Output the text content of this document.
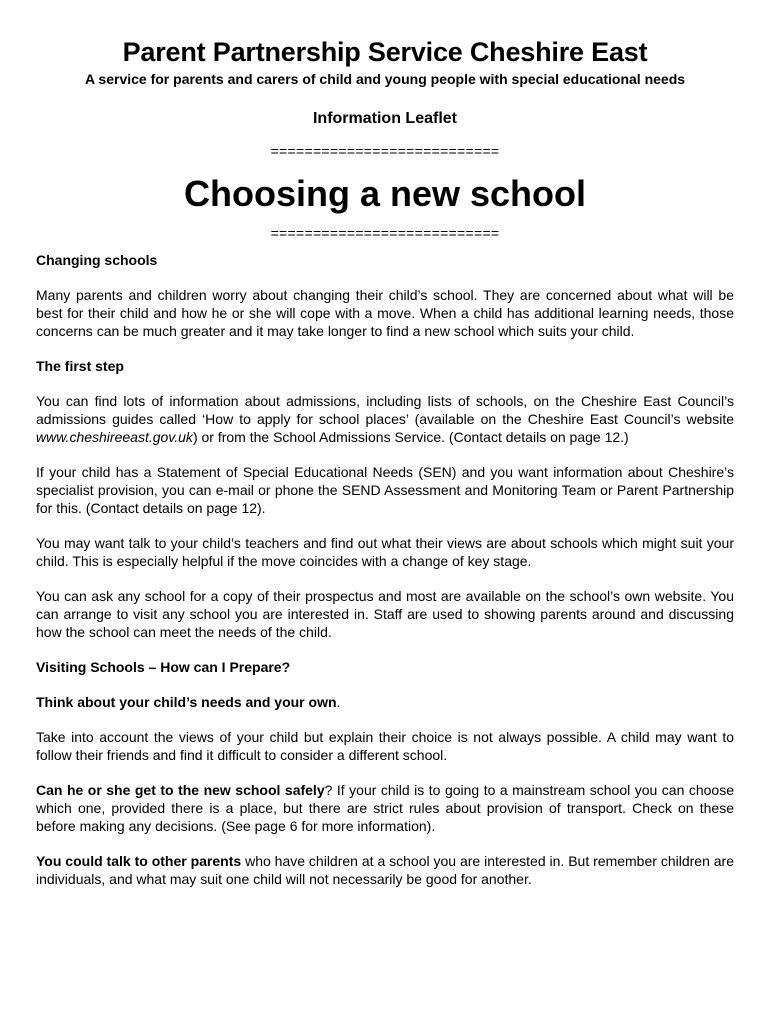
Parent Partnership Service Cheshire East
A service for parents and carers of child and young people with special educational needs
Information Leaflet
===========================
Choosing a new school
===========================
Changing schools

Many parents and children worry about changing their child’s school. They are concerned about what will be best for their child and how he or she will cope with a move. When a child has additional learning needs, those concerns can be much greater and it may take longer to find a new school which suits your child.

The first step

You can find lots of information about admissions, including lists of schools, on the Cheshire East Council’s admissions guides called ‘How to apply for school places’ (available on the Cheshire East Council’s website www.cheshireeast.gov.uk) or from the School Admissions Service. (Contact details on page 12.)

If your child has a Statement of Special Educational Needs (SEN) and you want information about Cheshire’s specialist provision, you can e-mail or phone the SEND Assessment and Monitoring Team or Parent Partnership for this. (Contact details on page 12).

You may want talk to your child’s teachers and find out what their views are about schools which might suit your child. This is especially helpful if the move coincides with a change of key stage.

You can ask any school for a copy of their prospectus and most are available on the school’s own website. You can arrange to visit any school you are interested in. Staff are used to showing parents around and discussing how the school can meet the needs of the child.

Visiting Schools – How can I Prepare?

Think about your child’s needs and your own.

Take into account the views of your child but explain their choice is not always possible. A child may want to follow their friends and find it difficult to consider a different school.

Can he or she get to the new school safely? If your child is to going to a mainstream school you can choose which one, provided there is a place, but there are strict rules about provision of transport. Check on these before making any decisions. (See page 6 for more information).

You could talk to other parents who have children at a school you are interested in. But remember children are individuals, and what may suit one child will not necessarily be good for another.
